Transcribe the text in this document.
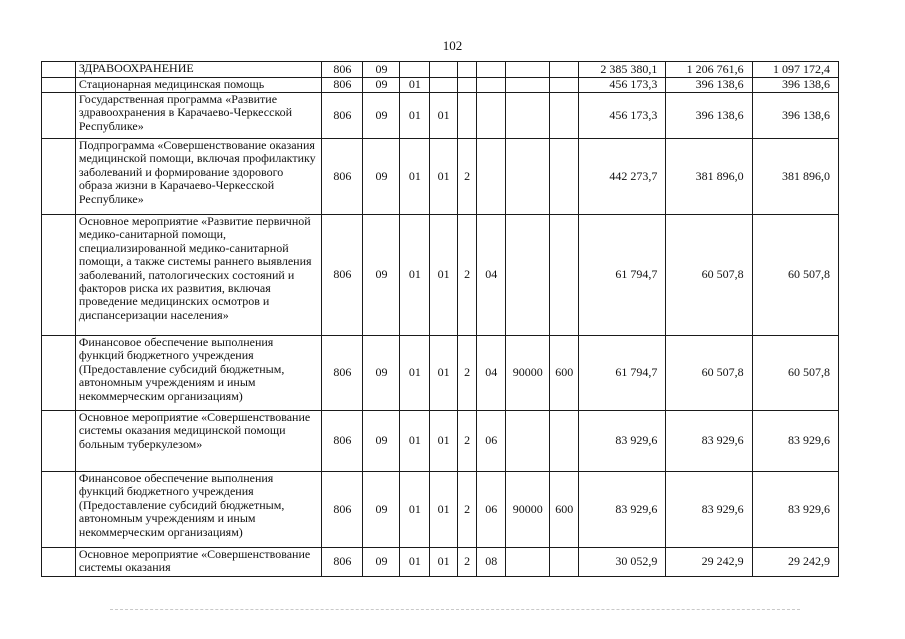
102
	ЗДРАВООХРАНЕНИЕ	806	09							2 385 380,1	1 206 761,6	1 097 172,4
	Стационарная медицинская помощь	806	09	01						456 173,3	396 138,6	396 138,6
	Государственная программа «Развитие здравоохранения в Карачаево-Черкесской Республике»	806	09	01	01					456 173,3	396 138,6	396 138,6
	Подпрограмма «Совершенствование оказания медицинской помощи, включая профилактику заболеваний и формирование здорового образа жизни в Карачаево-Черкесской Республике»	806	09	01	01	2				442 273,7	381 896,0	381 896,0
	Основное мероприятие «Развитие первичной медико-санитарной помощи, специализированной медико-санитарной помощи, а также системы раннего выявления заболеваний, патологических состояний и факторов риска их развития, включая проведение медицинских осмотров и диспансеризации населения»	806	09	01	01	2	04			61 794,7	60 507,8	60 507,8
	Финансовое обеспечение выполнения функций бюджетного учреждения (Предоставление субсидий бюджетным, автономным учреждениям и иным некоммерческим организациям)	806	09	01	01	2	04	90000	600	61 794,7	60 507,8	60 507,8
	Основное мероприятие «Совершенствование системы оказания медицинской помощи больным туберкулезом»	806	09	01	01	2	06			83 929,6	83 929,6	83 929,6
	Финансовое обеспечение выполнения функций бюджетного учреждения (Предоставление субсидий бюджетным, автономным учреждениям и иным некоммерческим организациям)	806	09	01	01	2	06	90000	600	83 929,6	83 929,6	83 929,6
	Основное мероприятие «Совершенствование системы оказания	806	09	01	01	2	08			30 052,9	29 242,9	29 242,9
